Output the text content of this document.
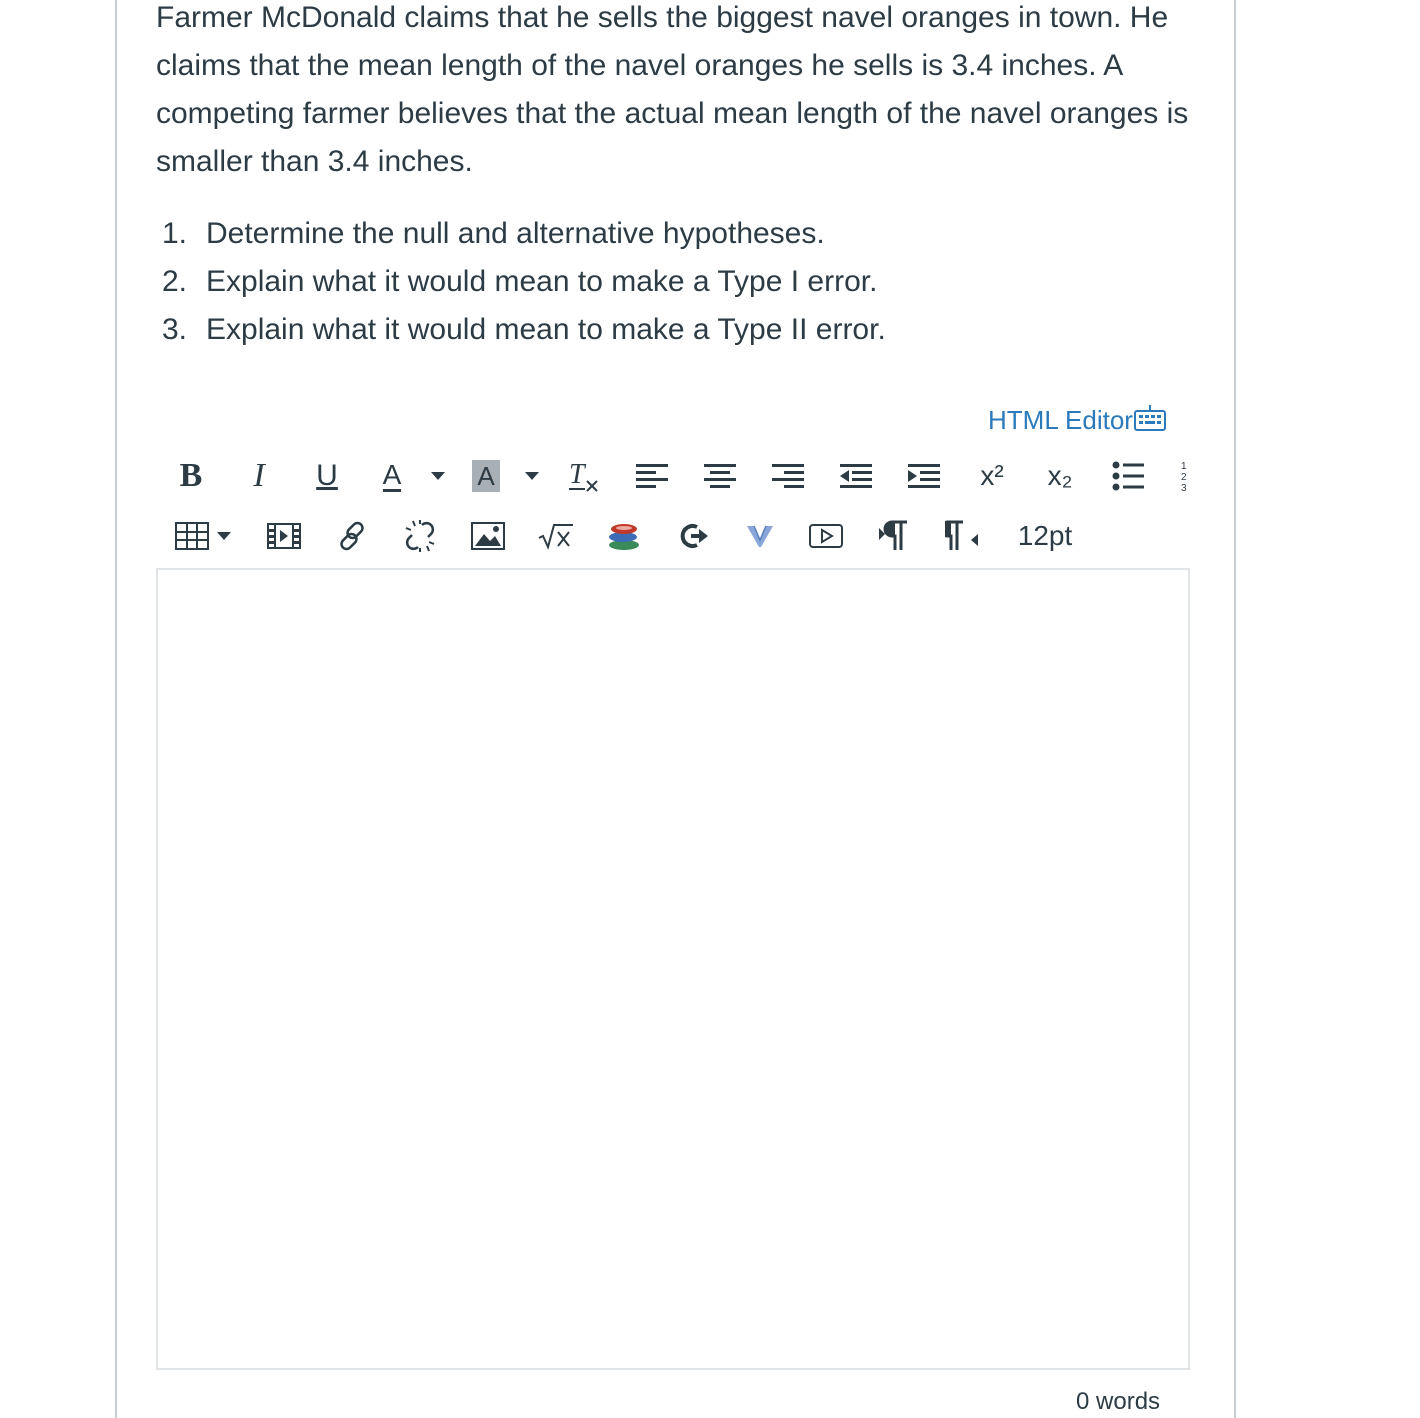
Farmer McDonald claims that he sells the biggest navel oranges in town. He claims that the mean length of the navel oranges he sells is 3.4 inches. A competing farmer believes that the actual mean length of the navel oranges is smaller than 3.4 inches.

1. Determine the null and alternative hypotheses.
2. Explain what it would mean to make a Type I error.
3. Explain what it would mean to make a Type II error.
HTML Editor
B I U A	A	T	x² x₂	1
2
3
12pt
0 words
